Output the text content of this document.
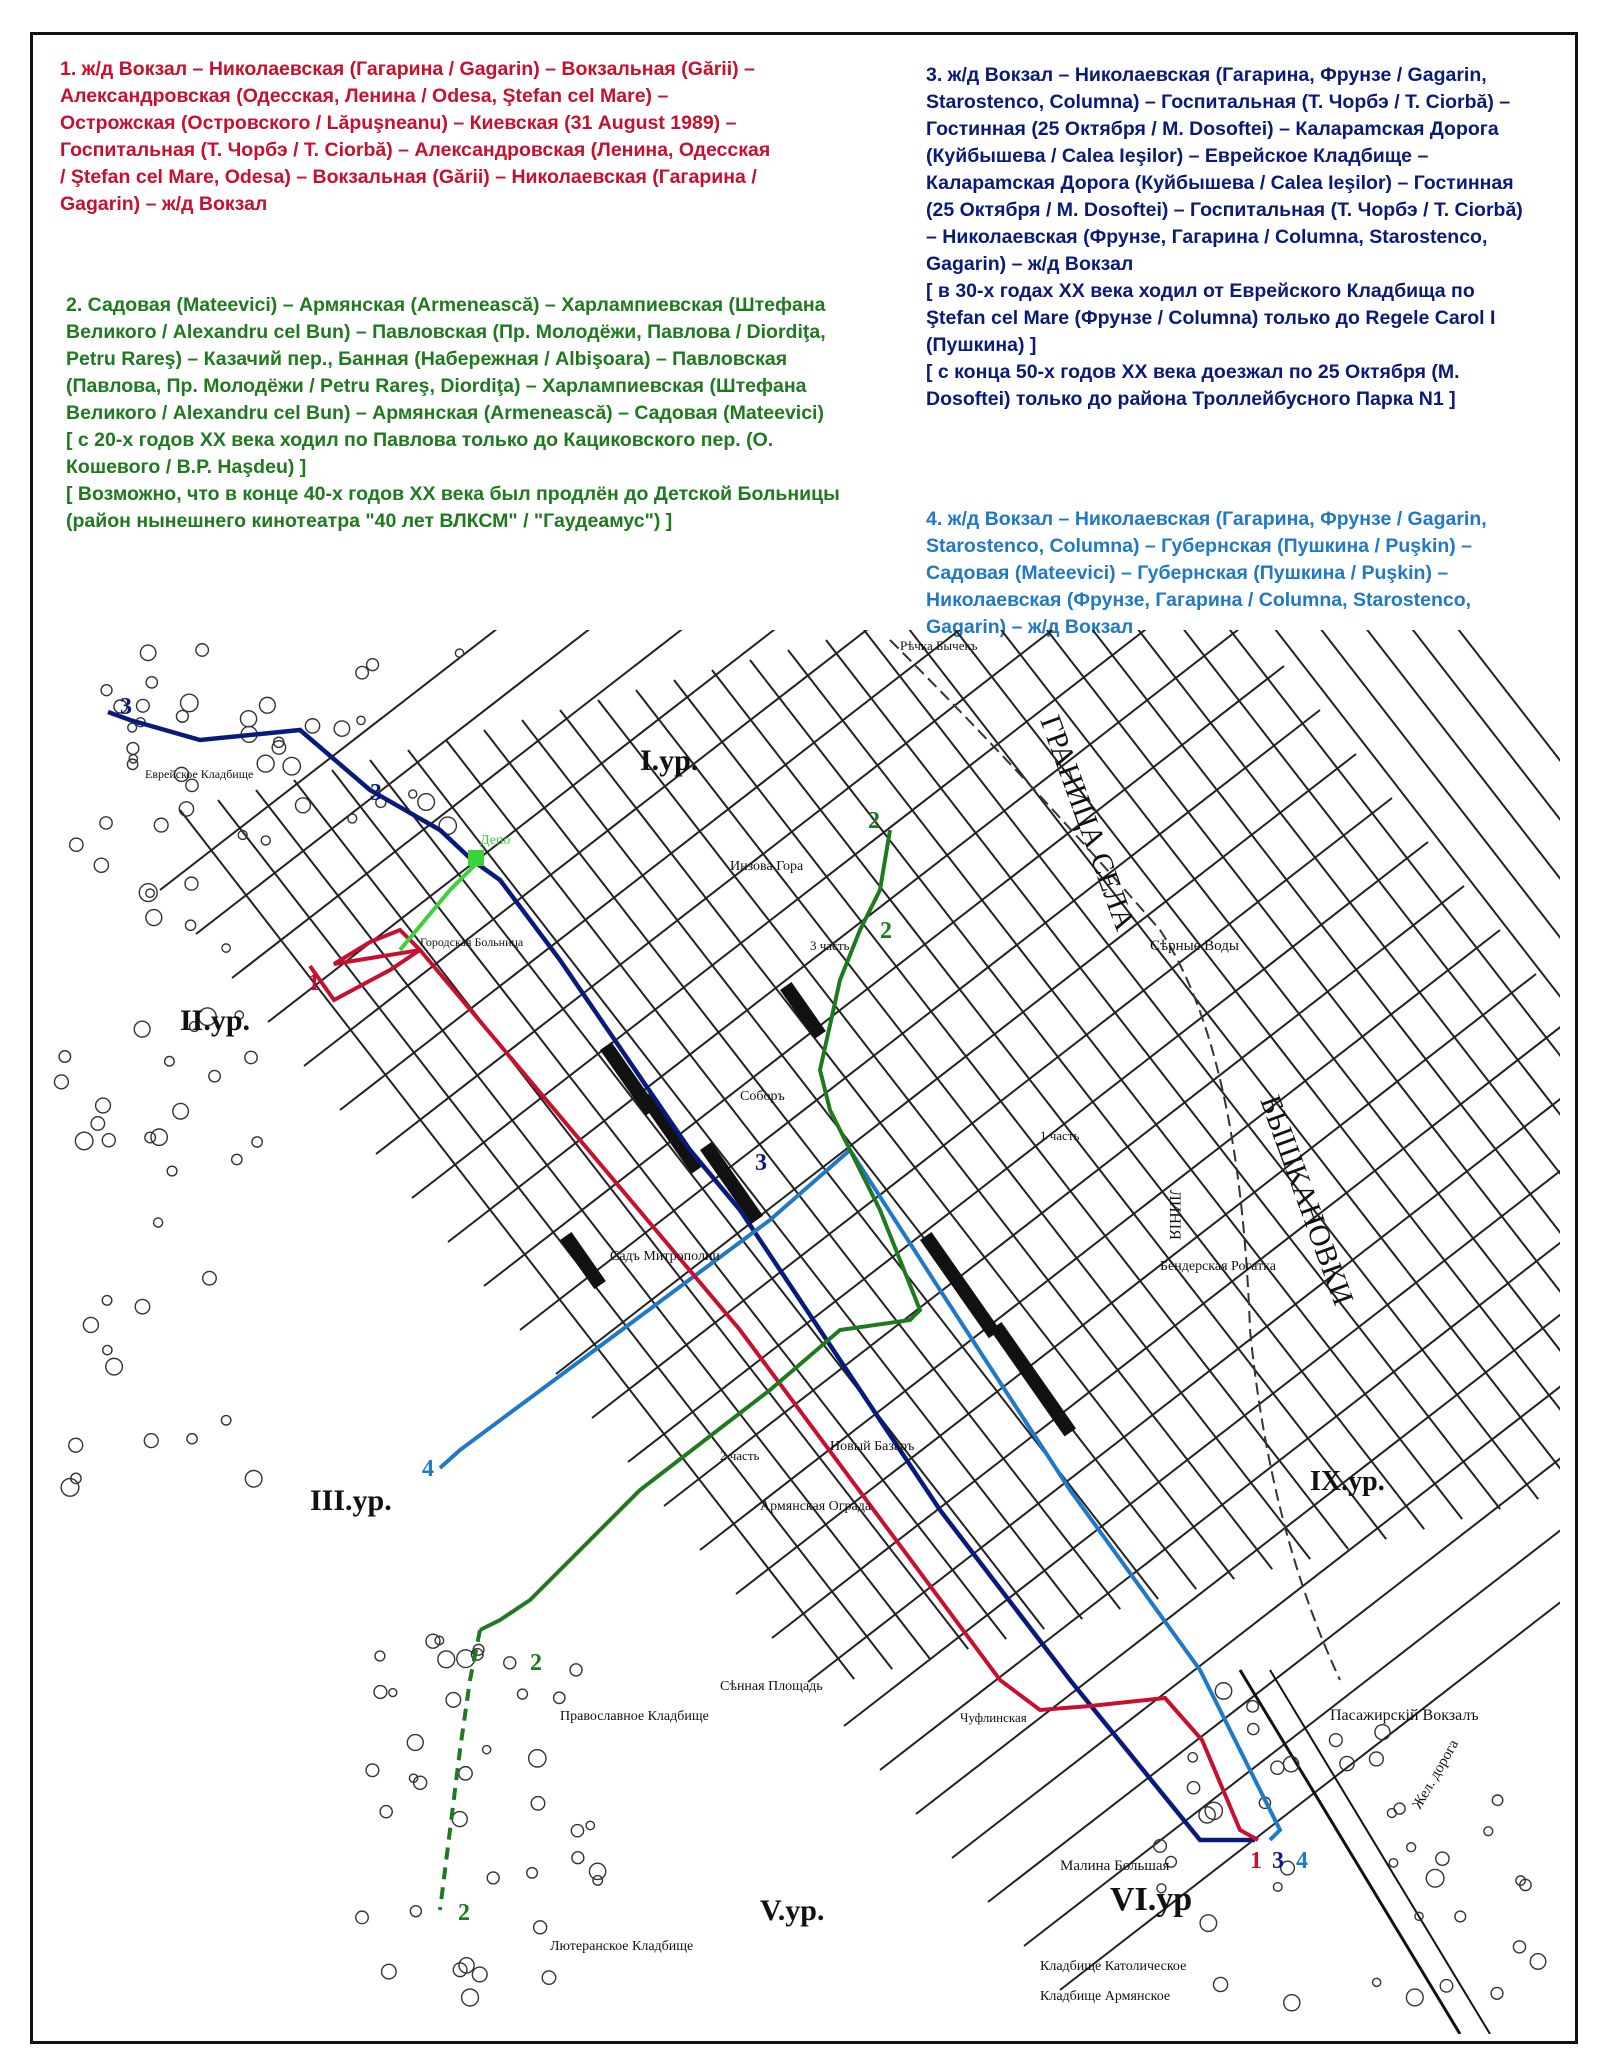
1. ж/д Вокзал – Николаевская (Гагарина / Gagarin) – Вокзальная (Gării) – Александровская (Одесская, Ленина / Odesa, Ştefan cel Mare) – Острожская (Островского / Lăpuşneanu) – Киевская (31 August 1989) – Госпитальная (Т. Чорбэ / T. Ciorbă) – Александровская (Ленина, Одесская / Ştefan cel Mare, Odesa) – Вокзальная (Gării) – Николаевская (Гагарина / Gagarin) – ж/д Вокзал

2. Садовая (Mateevici) – Армянская (Armenească) – Харлампиевская (Штефана Великого / Alexandru cel Bun) – Павловская (Пр. Молодёжи, Павлова / Diordiţa, Petru Rareş) – Казачий пер., Банная (Набережная / Albişoara) – Павловская (Павлова, Пр. Молодёжи / Petru Rareş, Diordiţa) – Харлампиевская (Штефана Великого / Alexandru cel Bun) – Армянская (Armenească) – Садовая (Mateevici)

[ с 20-х годов XX века ходил по Павлова только до Кациковского пер. (О. Кошевого / B.P. Haşdeu) ]

[ Возможно, что в конце 40-х годов XX века был продлён до Детской Больницы (район нынешнего кинотеатра "40 лет ВЛКСМ" / "Гаудеамус") ]

3. ж/д Вокзал – Николаевская (Гагарина, Фрунзе / Gagarin, Starostenco, Columna) – Госпитальная (Т. Чорбэ / T. Ciorbă) – Гостинная (25 Октября / M. Dosoftei) – Калараmская Дорога (Куйбышева / Calea Ieşilor) – Еврейское Кладбище – Калараmская Дорога (Куйбышева / Calea Ieşilor) – Гостинная (25 Октября / M. Dosoftei) – Госпитальная (Т. Чорбэ / T. Ciorbă) – Николаевская (Фрунзе, Гагарина / Columna, Starostenco, Gagarin) – ж/д Вокзал

[ в 30-х годах XX века ходил от Еврейского Кладбища по Ştefan cel Mare (Фрунзе / Columna) только до Regele Carol I (Пушкина) ]

[ с конца 50-х годов XX века доезжал по 25 Октября (M. Dosoftei) только до района Троллейбусного Парка N1 ]

4. ж/д Вокзал – Николаевская (Гагарина, Фрунзе / Gagarin, Starostenco, Columna) – Губернская (Пушкина / Puşkin) – Садовая (Mateevici) – Губернская (Пушкина / Puşkin) – Николаевская (Фрунзе, Гагарина / Columna, Starostenco, Gagarin) – ж/д Вокзал

Депо
I.ур.
II.ур.
III.ур.
V.ур.	VI.ур
IX.ур.
Инзова Гора
3 часть
1 часть
2 часть
Соборъ
Садъ Митрополии
Новый Базаръ
Армянская Ограда
Сѣнная Площадь
Православное Кладбище
Лютеранское Кладбище
Кладбище Католическое
Кладбище Армянское
Пасажирскiй Вокзалъ
Бендерская Рогатка
Сѣрные Воды
Городская Больница
Еврейское Кладбище
Малина Большая
Чуфлинская
Рѣчка Бычекъ
Жел. дорога
ГРАНИЦА СЕЛА
БЫШКАНОВКИ
ЛИНIЯ
3
3
3
2
2
2
2
1
4
1 3 4
